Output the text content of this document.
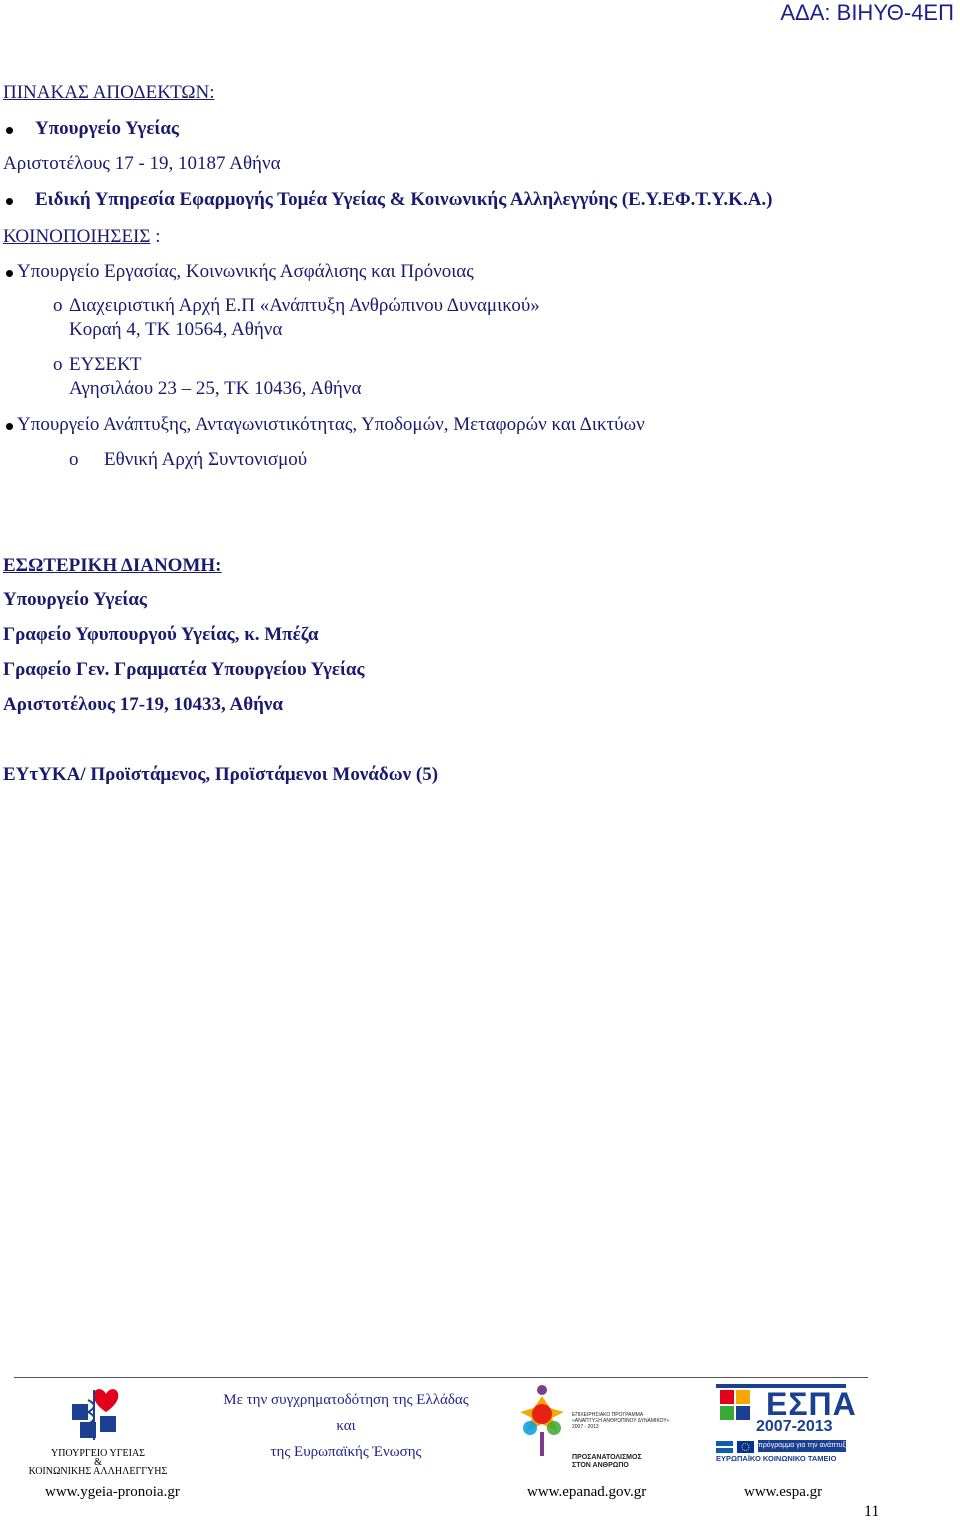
ΑΔΑ: ΒΙΗΥΘ-4ΕΠ
ΠΙΝΑΚΑΣ ΑΠΟΔΕΚΤΩΝ:
Υπουργείο Υγείας
Αριστοτέλους 17 - 19, 10187 Αθήνα
Ειδική Υπηρεσία Εφαρμογής Τομέα Υγείας & Κοινωνικής Αλληλεγγύης (Ε.Υ.ΕΦ.Τ.Υ.Κ.Α.)
ΚΟΙΝΟΠΟΙΗΣΕΙΣ :
Υπουργείο Εργασίας, Κοινωνικής Ασφάλισης και Πρόνοιας
o Διαχειριστική Αρχή Ε.Π «Ανάπτυξη Ανθρώπινου Δυναμικού»
Κοραή 4, ΤΚ 10564, Αθήνα
o ΕΥΣΕΚΤ
Αγησιλάου 23 – 25, ΤΚ 10436, Αθήνα
Υπουργείο Ανάπτυξης, Ανταγωνιστικότητας, Υποδομών, Μεταφορών και Δικτύων
o Εθνική Αρχή Συντονισμού
ΕΣΩΤΕΡΙΚΗ ΔΙΑΝΟΜΗ:
Υπουργείο Υγείας
Γραφείο Υφυπουργού Υγείας, κ. Μπέζα
Γραφείο Γεν. Γραμματέα Υπουργείου Υγείας
Αριστοτέλους 17-19, 10433, Αθήνα
ΕΥτΥΚΑ/ Προϊστάμενος, Προϊστάμενοι Μονάδων (5)
ΥΠΟΥΡΓΕΙΟ ΥΓΕΙΑΣ
&
ΚΟΙΝΩΝΙΚΗΣ ΑΛΛΗΛΕΓΓΥΗΣ
Με την συγχρηματοδότηση της Ελλάδας
και
της Ευρωπαϊκής Ένωσης
ΕΠΙΧΕΙΡΗΣΙΑΚΟ ΠΡΟΓΡΑΜΜΑ
«ΑΝΑΠΤΥΞΗ ΑΝΘΡΩΠΙΝΟΥ ΔΥΝΑΜΙΚΟΥ»
2007 - 2013
ΠΡΟΣΑΝΑΤΟΛΙΣΜΟΣ
ΣΤΟΝ ΑΝΘΡΩΠΟ
ΕΣΠΑ
2007-2013
πρόγραμμα για την ανάπτυξη
ΕΥΡΩΠΑΪΚΟ ΚΟΙΝΩΝΙΚΟ ΤΑΜΕΙΟ
www.ygeia-pronoia.gr	www.epanad.gov.gr	www.espa.gr
11
